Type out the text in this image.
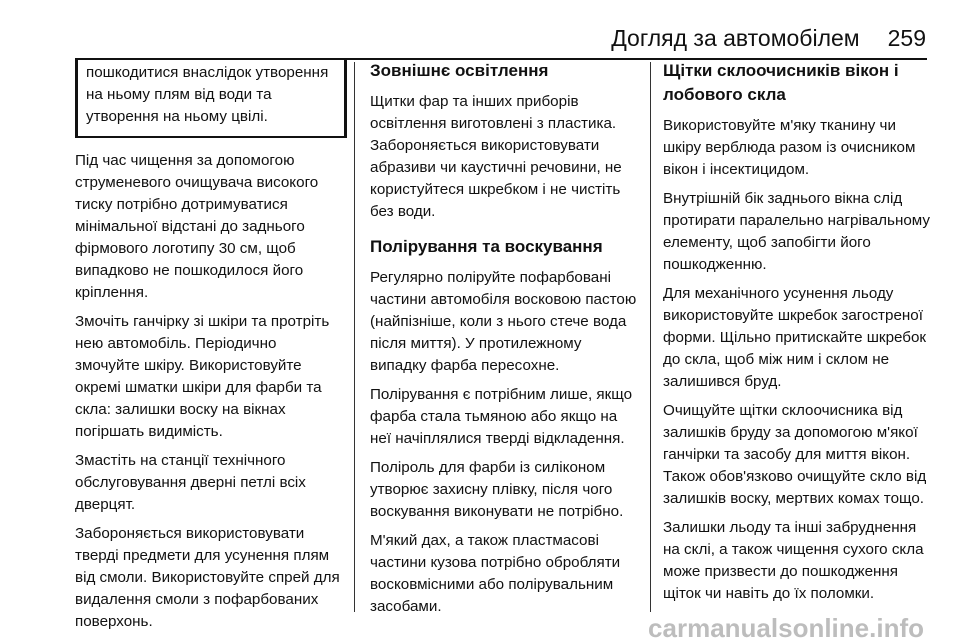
Догляд за автомобілем 259

пошкодитися внаслідок утворення на ньому плям від води та утворення на ньому цвілі.

Під час чищення за допомогою струменевого очищувача високого тиску потрібно дотримуватися мінімальної відстані до заднього фірмового логотипу 30 см, щоб випадково не пошкодилося його кріплення.

Змочіть ганчірку зі шкіри та протріть нею автомобіль. Періодично змочуйте шкіру. Використовуйте окремі шматки шкіри для фарби та скла: залишки воску на вікнах погіршать видимість.

Змастіть на станції технічного обслуговування дверні петлі всіх дверцят.

Забороняється використовувати тверді предмети для усунення плям від смоли. Використовуйте спрей для видалення смоли з пофарбованих поверхонь.

Зовнішнє освітлення

Щитки фар та інших приборів освітлення виготовлені з пластика. Забороняється використовувати абразиви чи каустичні речовини, не користуйтеся шкребком і не чистіть без води.

Полірування та воскування

Регулярно поліруйте пофарбовані частини автомобіля восковою пастою (найпізніше, коли з нього стече вода після миття). У протилежному випадку фарба пересохне.

Полірування є потрібним лише, якщо фарба стала тьмяною або якщо на неї начіплялися тверді відкладення.

Поліроль для фарби із силіконом утворює захисну плівку, після чого воскування виконувати не потрібно.

М'який дах, а також пластмасові частини кузова потрібно обробляти восковмісними або полірувальним засобами.

Щітки склоочисників вікон і лобового скла

Використовуйте м'яку тканину чи шкіру верблюда разом із очисником вікон і інсектицидом.

Внутрішній бік заднього вікна слід протирати паралельно нагрівальному елементу, щоб запобігти його пошкодженню.

Для механічного усунення льоду використовуйте шкребок загостреної форми. Щільно притискайте шкребок до скла, щоб між ним і склом не залишився бруд.

Очищуйте щітки склоочисника від залишків бруду за допомогою м'якої ганчірки та засобу для миття вікон. Також обов'язково очищуйте скло від залишків воску, мертвих комах тощо.

Залишки льоду та інші забруднення на склі, а також чищення сухого скла може призвести до пошкодження щіток чи навіть до їх поломки.

carmanualsonline.info
